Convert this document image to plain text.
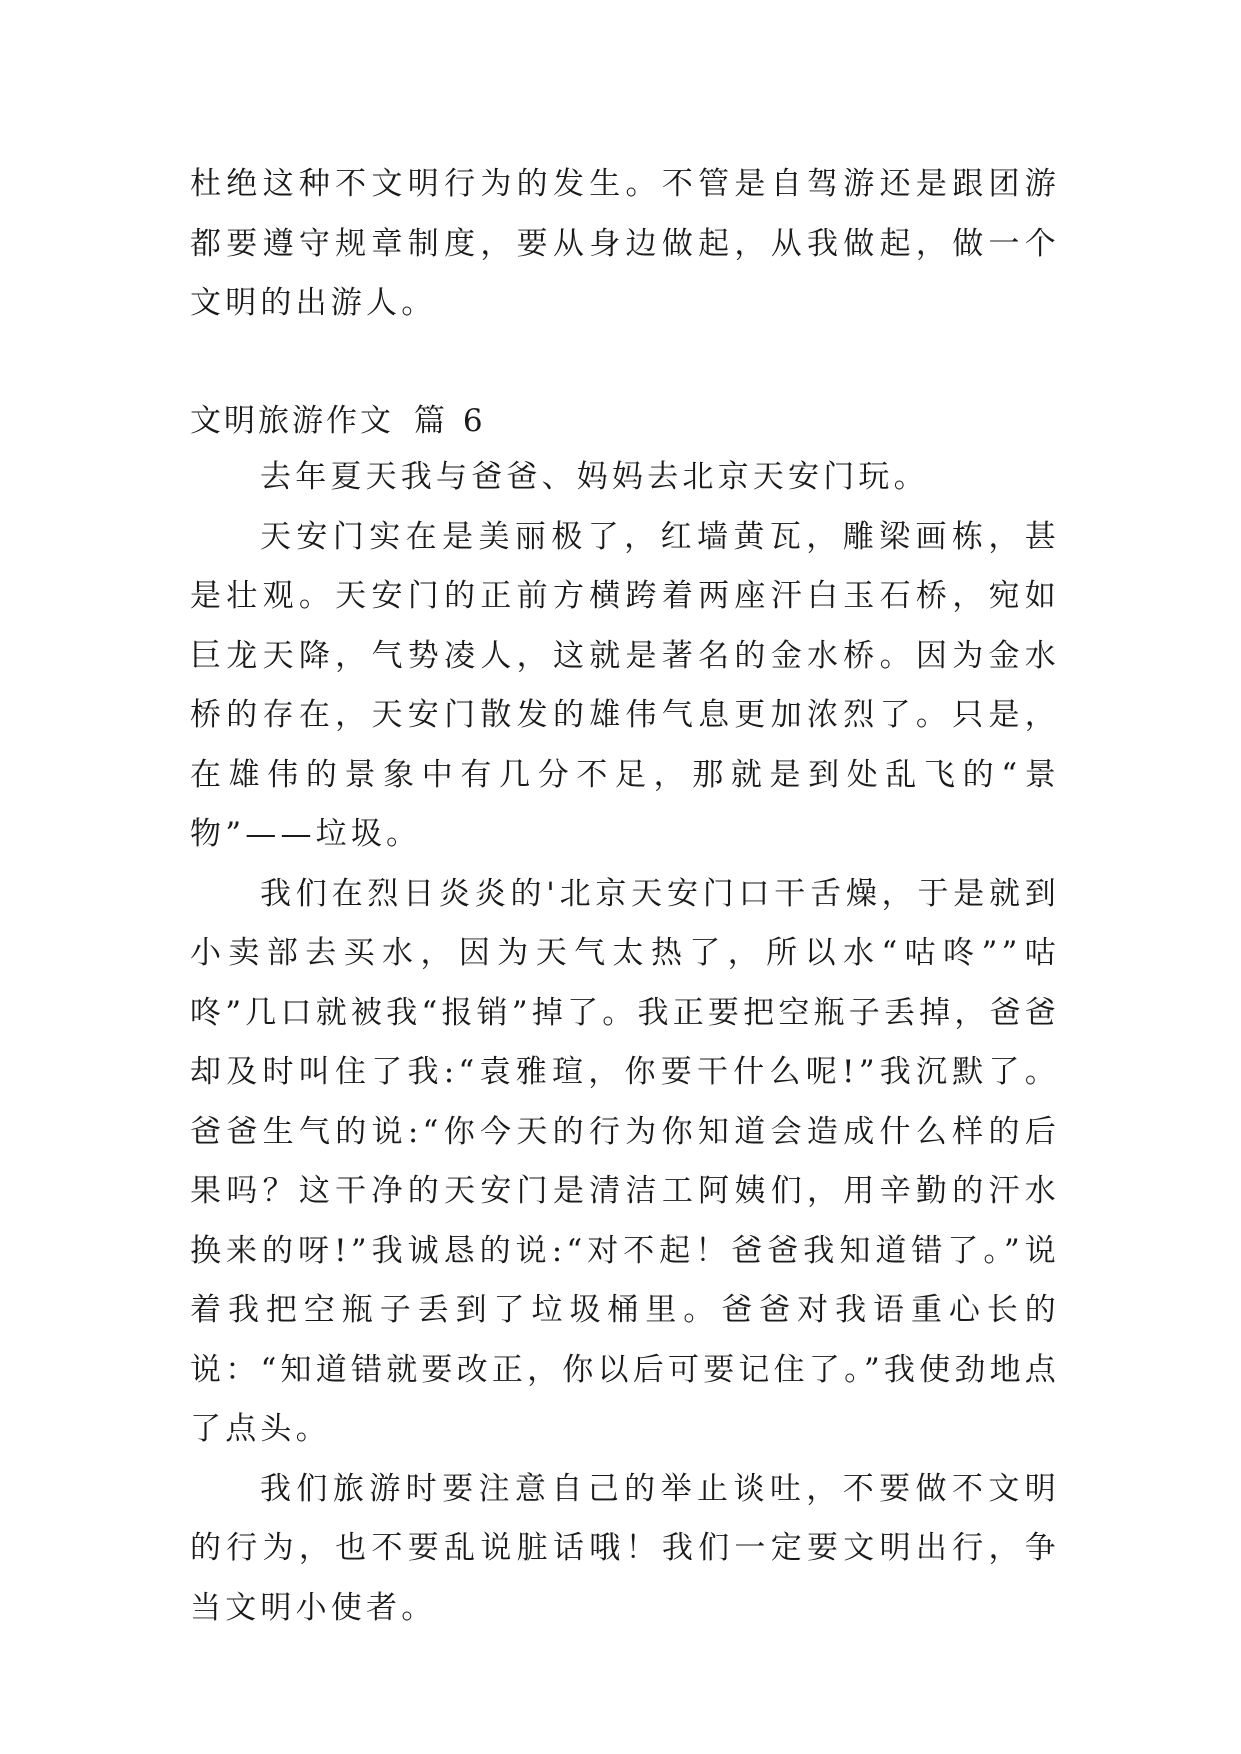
杜绝这种不文明行为的发生。不管是自驾游还是跟团游都要遵守规章制度，要从身边做起，从我做起，做一个文明的出游人。

文明旅游作文 篇 6

去年夏天我与爸爸、妈妈去北京天安门玩。

天安门实在是美丽极了，红墙黄瓦，雕梁画栋，甚是壮观。天安门的正前方横跨着两座汗白玉石桥，宛如巨龙天降，气势凌人，这就是著名的金水桥。因为金水桥的存在，天安门散发的雄伟气息更加浓烈了。只是，在雄伟的景象中有几分不足，那就是到处乱飞的“景物”——垃圾。

我们在烈日炎炎的'北京天安门口干舌燥，于是就到小卖部去买水，因为天气太热了，所以水“咕咚””咕咚”几口就被我“报销”掉了。我正要把空瓶子丢掉，爸爸却及时叫住了我:“袁雅瑄，你要干什么呢!”我沉默了。爸爸生气的说:“你今天的行为你知道会造成什么样的后果吗？这干净的天安门是清洁工阿姨们，用辛勤的汗水换来的呀!”我诚恳的说:“对不起！爸爸我知道错了。”说着我把空瓶子丢到了垃圾桶里。爸爸对我语重心长的说：“知道错就要改正，你以后可要记住了。”我使劲地点了点头。

我们旅游时要注意自己的举止谈吐，不要做不文明的行为，也不要乱说脏话哦！我们一定要文明出行，争当文明小使者。
